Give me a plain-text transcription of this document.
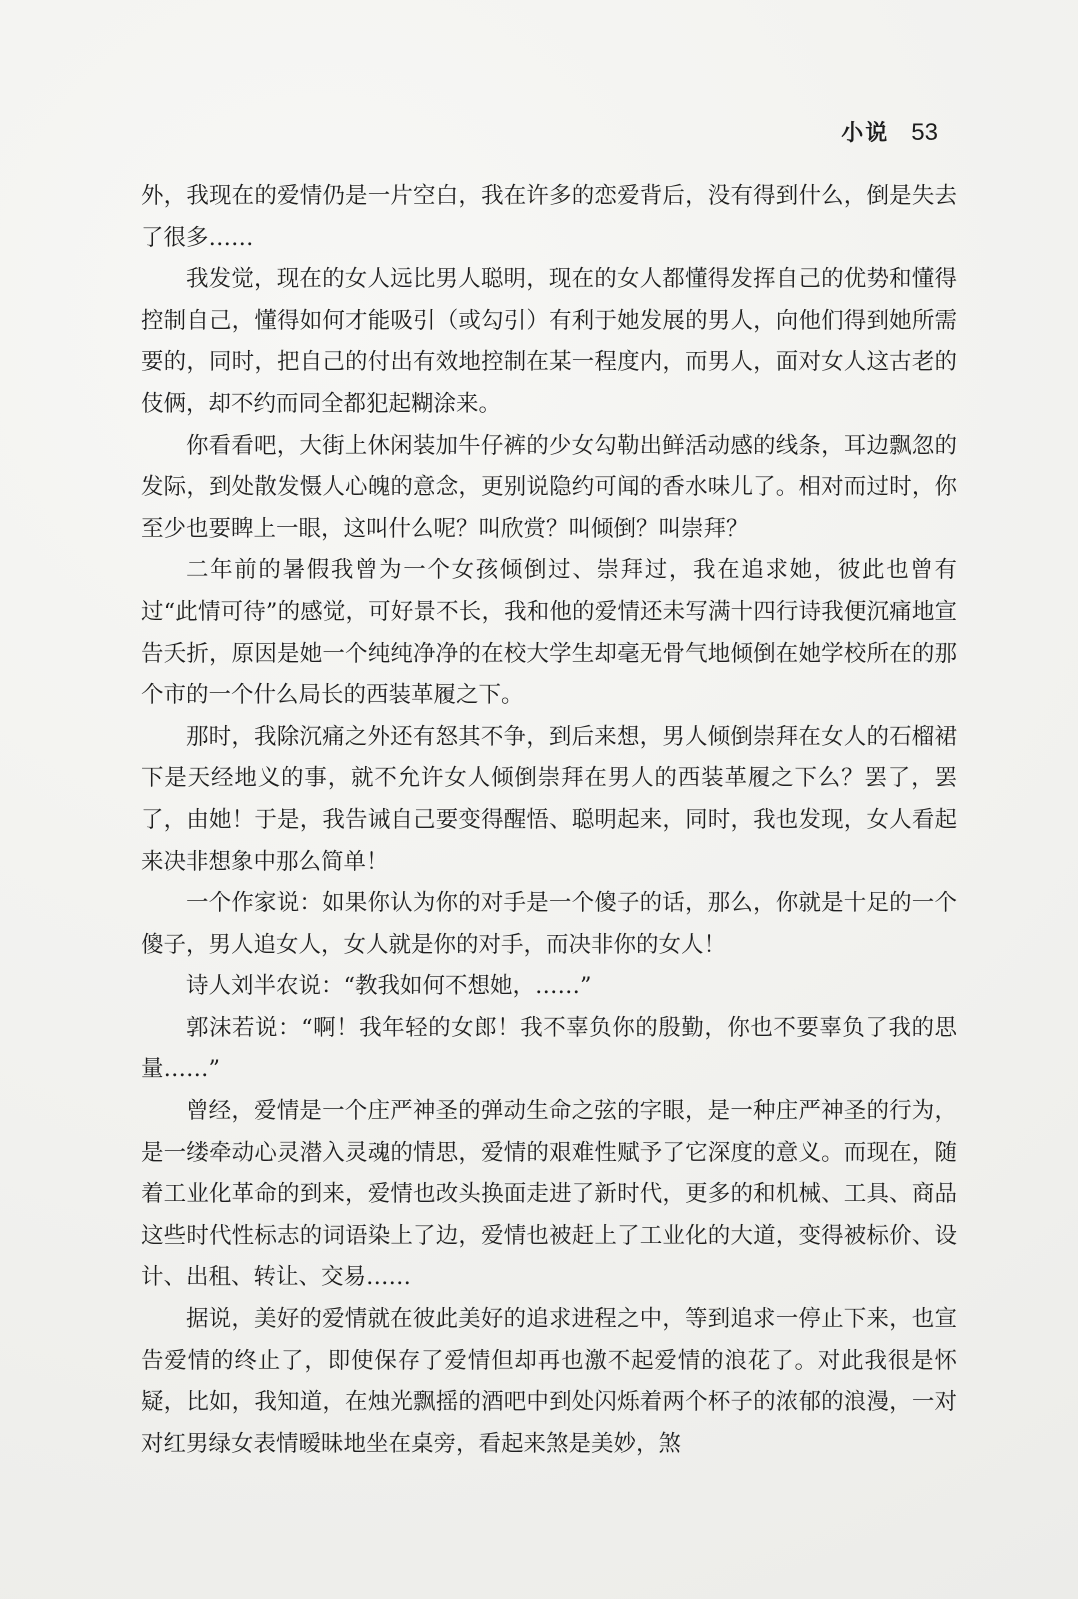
小说 53

外，我现在的爱情仍是一片空白，我在许多的恋爱背后，没有得到什么，倒是失去了很多……

我发觉，现在的女人远比男人聪明，现在的女人都懂得发挥自己的优势和懂得控制自己，懂得如何才能吸引（或勾引）有利于她发展的男人，向他们得到她所需要的，同时，把自己的付出有效地控制在某一程度内，而男人，面对女人这古老的伎俩，却不约而同全都犯起糊涂来。

你看看吧，大街上休闲装加牛仔裤的少女勾勒出鲜活动感的线条，耳边飘忽的发际，到处散发慑人心魄的意念，更别说隐约可闻的香水味儿了。相对而过时，你至少也要睥上一眼，这叫什么呢？叫欣赏？叫倾倒？叫崇拜？

二年前的暑假我曾为一个女孩倾倒过、崇拜过，我在追求她，彼此也曾有过“此情可待”的感觉，可好景不长，我和他的爱情还未写满十四行诗我便沉痛地宣告夭折，原因是她一个纯纯净净的在校大学生却毫无骨气地倾倒在她学校所在的那个市的一个什么局长的西装革履之下。

那时，我除沉痛之外还有怒其不争，到后来想，男人倾倒崇拜在女人的石榴裙下是天经地义的事，就不允许女人倾倒崇拜在男人的西装革履之下么？罢了，罢了，由她！于是，我告诫自己要变得醒悟、聪明起来，同时，我也发现，女人看起来决非想象中那么简单！

一个作家说：如果你认为你的对手是一个傻子的话，那么，你就是十足的一个傻子，男人追女人，女人就是你的对手，而决非你的女人！

诗人刘半农说：“教我如何不想她，……”

郭沫若说：“啊！我年轻的女郎！我不辜负你的殷勤，你也不要辜负了我的思量……”

曾经，爱情是一个庄严神圣的弹动生命之弦的字眼，是一种庄严神圣的行为，是一缕牵动心灵潜入灵魂的情思，爱情的艰难性赋予了它深度的意义。而现在，随着工业化革命的到来，爱情也改头换面走进了新时代，更多的和机械、工具、商品这些时代性标志的词语染上了边，爱情也被赶上了工业化的大道，变得被标价、设计、出租、转让、交易……

据说，美好的爱情就在彼此美好的追求进程之中，等到追求一停止下来，也宣告爱情的终止了，即使保存了爱情但却再也激不起爱情的浪花了。对此我很是怀疑，比如，我知道，在烛光飘摇的酒吧中到处闪烁着两个杯子的浓郁的浪漫，一对对红男绿女表情暧昧地坐在桌旁，看起来煞是美妙，煞
